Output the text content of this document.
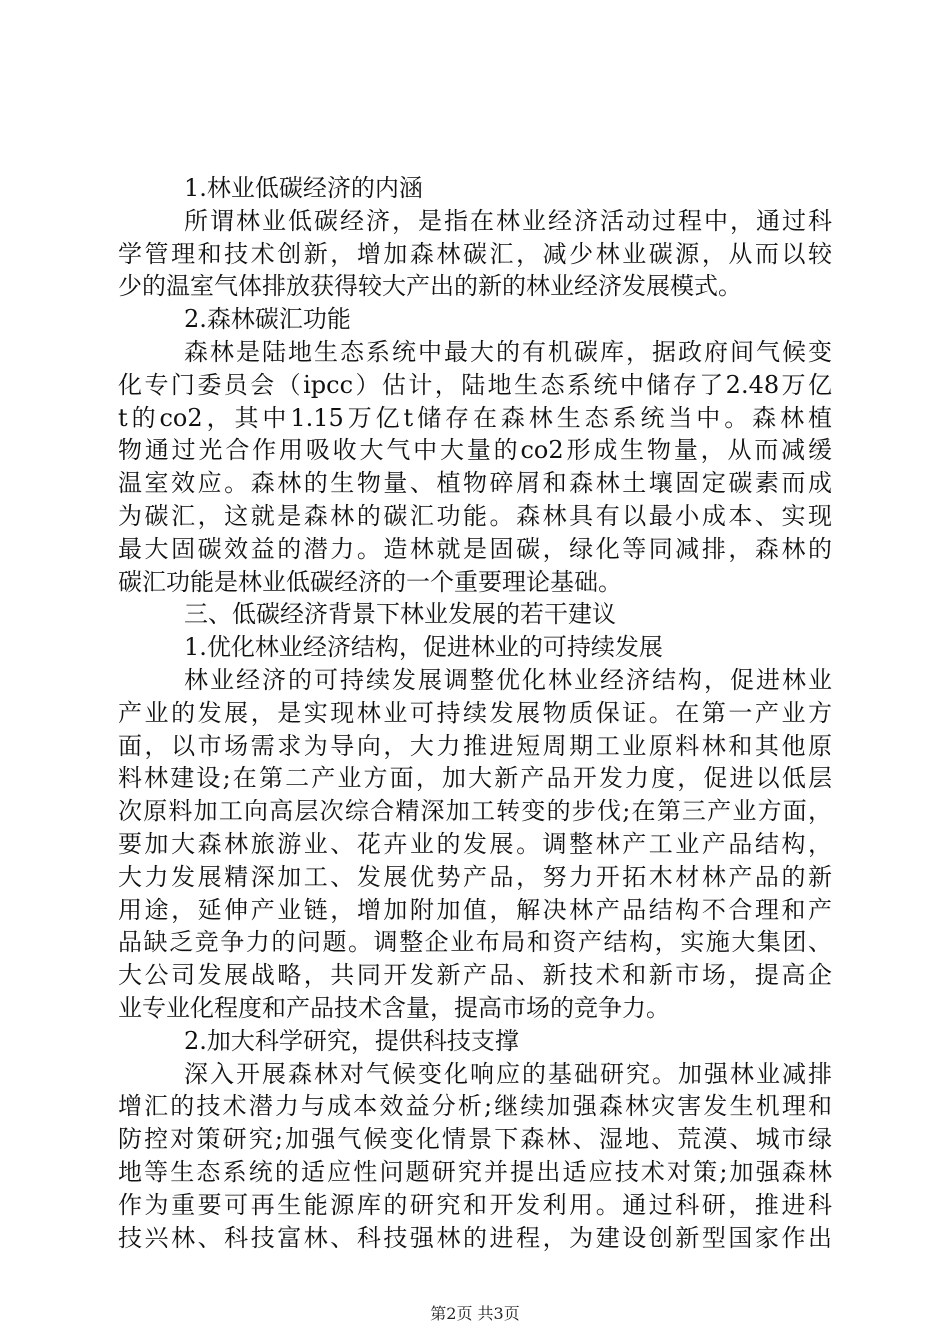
1.林业低碳经济的内涵
所谓林业低碳经济，是指在林业经济活动过程中，通过科
学管理和技术创新，增加森林碳汇，减少林业碳源，从而以较
少的温室气体排放获得较大产出的新的林业经济发展模式。
2.森林碳汇功能
森林是陆地生态系统中最大的有机碳库，据政府间气候变
化专门委员会（ipcc）估计，陆地生态系统中储存了2.48万亿
t的co2，其中1.15万亿t储存在森林生态系统当中。森林植
物通过光合作用吸收大气中大量的co2形成生物量，从而减缓
温室效应。森林的生物量、植物碎屑和森林土壤固定碳素而成
为碳汇，这就是森林的碳汇功能。森林具有以最小成本、实现
最大固碳效益的潜力。造林就是固碳，绿化等同减排，森林的
碳汇功能是林业低碳经济的一个重要理论基础。
三、低碳经济背景下林业发展的若干建议
1.优化林业经济结构，促进林业的可持续发展
林业经济的可持续发展调整优化林业经济结构，促进林业
产业的发展，是实现林业可持续发展物质保证。在第一产业方
面，以市场需求为导向，大力推进短周期工业原料林和其他原
料林建设;在第二产业方面，加大新产品开发力度，促进以低层
次原料加工向高层次综合精深加工转变的步伐;在第三产业方面，
要加大森林旅游业、花卉业的发展。调整林产工业产品结构，
大力发展精深加工、发展优势产品，努力开拓木材林产品的新
用途，延伸产业链，增加附加值，解决林产品结构不合理和产
品缺乏竞争力的问题。调整企业布局和资产结构，实施大集团、
大公司发展战略，共同开发新产品、新技术和新市场，提高企
业专业化程度和产品技术含量，提高市场的竞争力。
2.加大科学研究，提供科技支撑
深入开展森林对气候变化响应的基础研究。加强林业减排
增汇的技术潜力与成本效益分析;继续加强森林灾害发生机理和
防控对策研究;加强气候变化情景下森林、湿地、荒漠、城市绿
地等生态系统的适应性问题研究并提出适应技术对策;加强森林
作为重要可再生能源库的研究和开发利用。通过科研，推进科
技兴林、科技富林、科技强林的进程，为建设创新型国家作出
第2页 共3页
